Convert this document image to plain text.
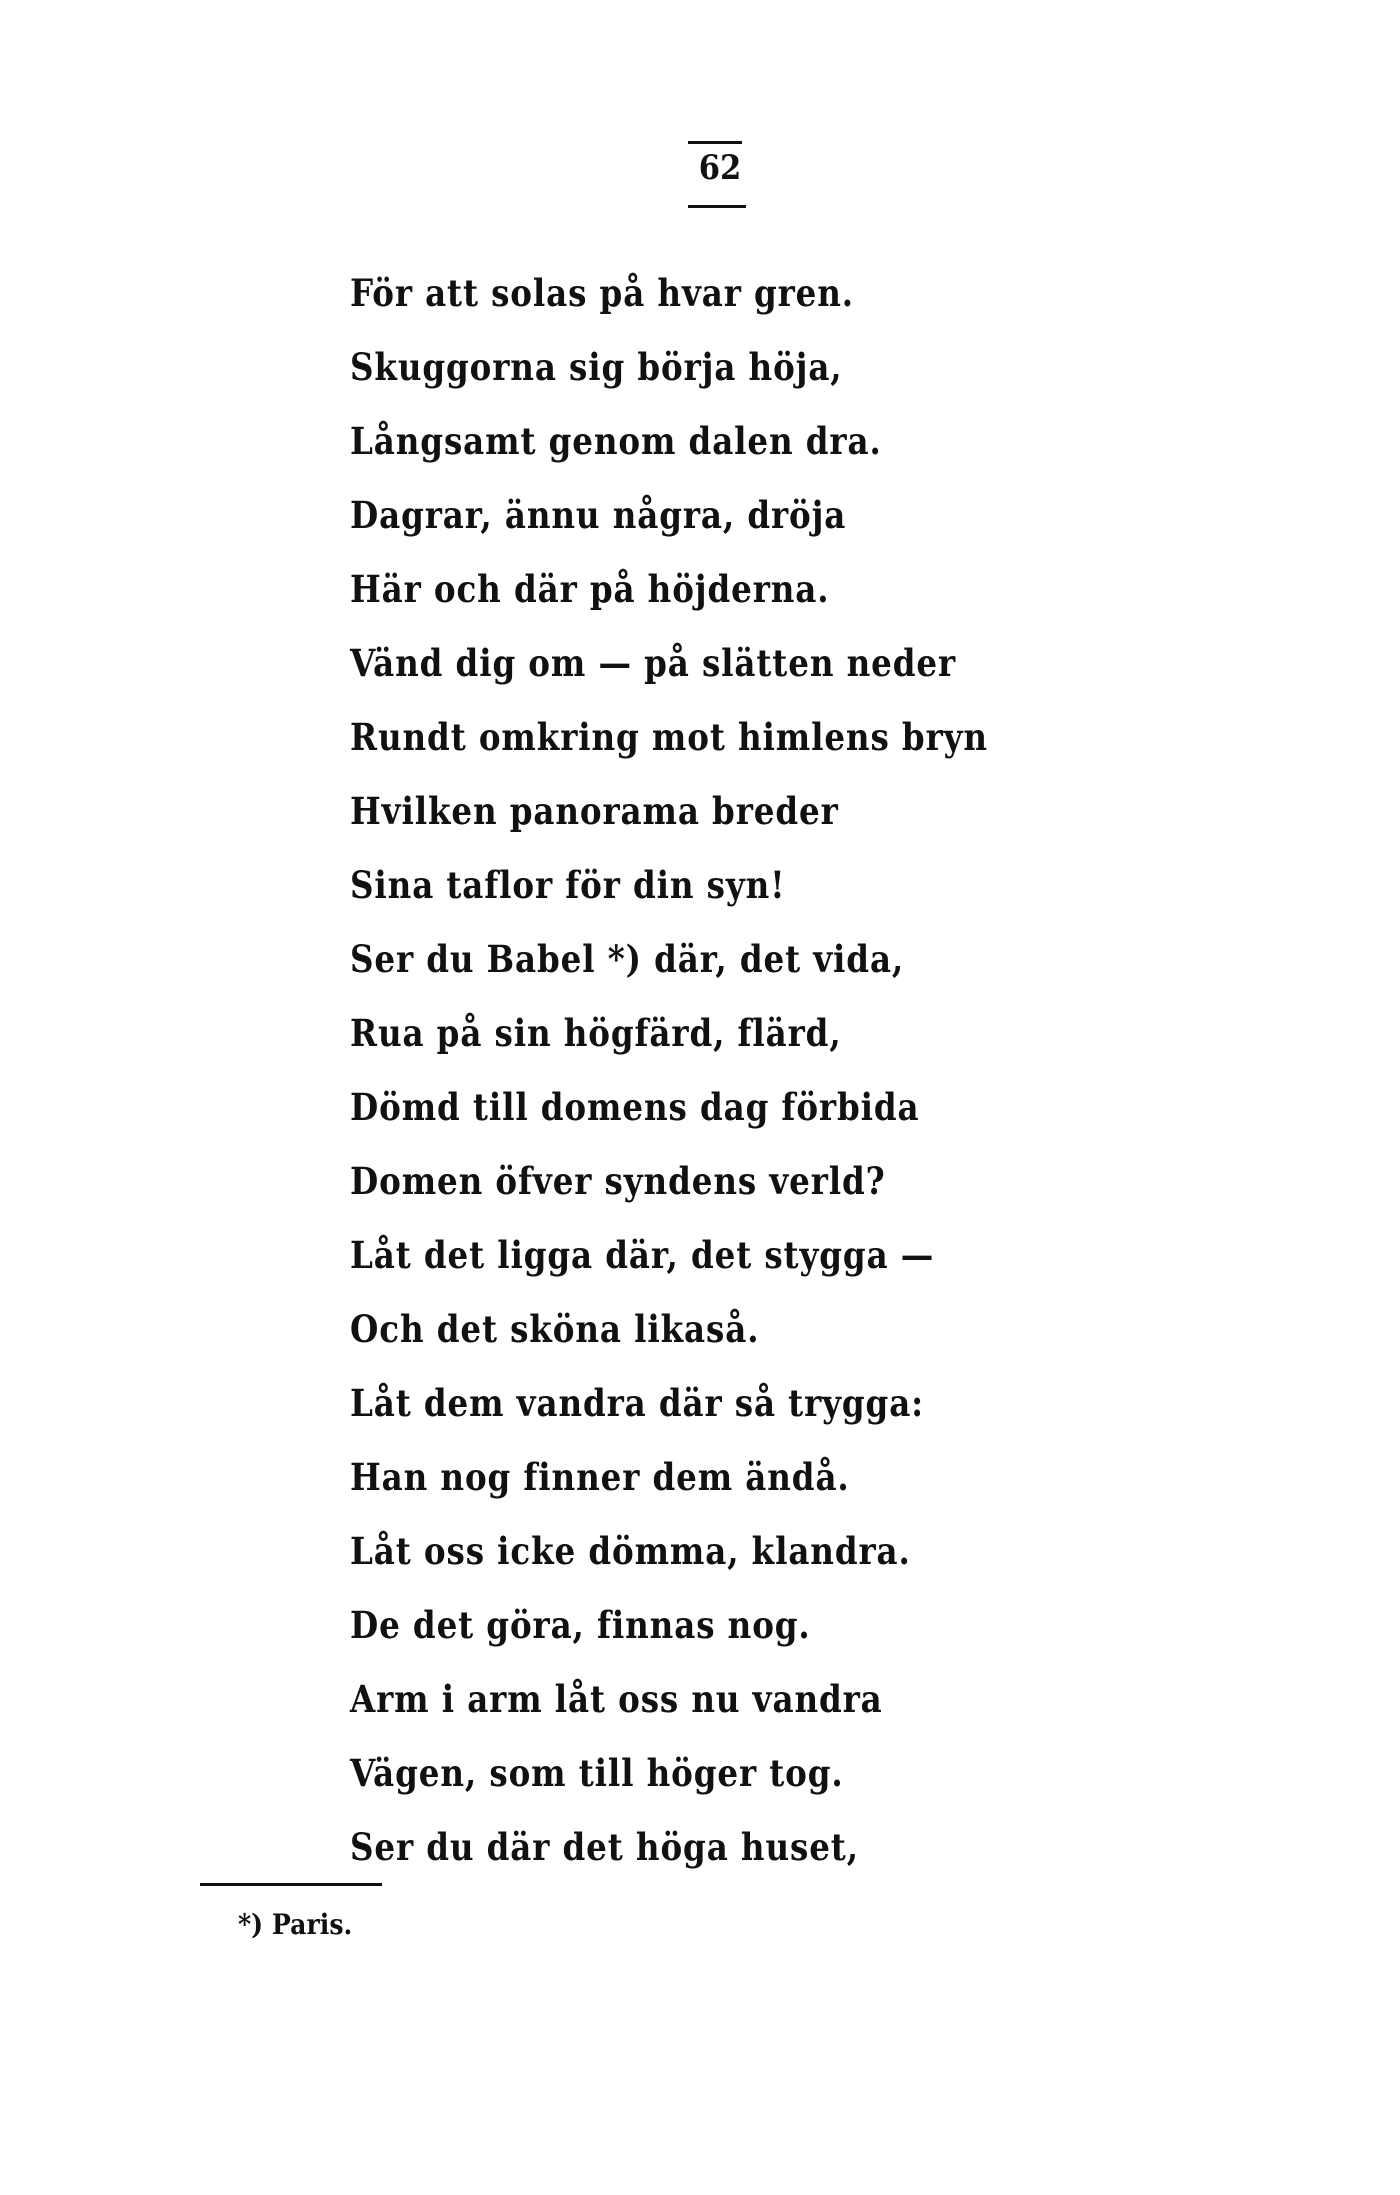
62
För att solas på hvar gren.
Skuggorna sig börja höja,
Långsamt genom dalen dra.
Dagrar, ännu några, dröja
Här och där på höjderna.
Vänd dig om — på slätten neder
Rundt omkring mot himlens bryn
Hvilken panorama breder
Sina taflor för din syn!
Ser du Babel *) där, det vida,
Rua på sin högfärd, flärd,
Dömd till domens dag förbida
Domen öfver syndens verld?
Låt det ligga där, det stygga —
Och det sköna likaså.
Låt dem vandra där så trygga:
Han nog finner dem ändå.
Låt oss icke dömma, klandra.
De det göra, finnas nog.
Arm i arm låt oss nu vandra
Vägen, som till höger tog.
Ser du där det höga huset,
*) Paris.
